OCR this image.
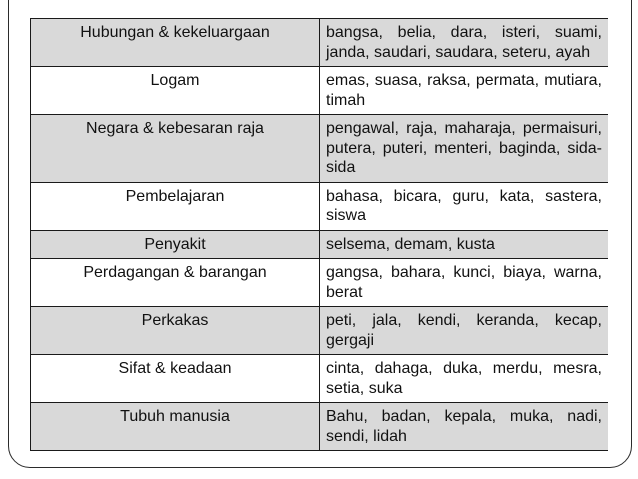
Hubungan & kekeluargaan	bangsa, belia, dara, isteri, suami, janda, saudari, saudara, seteru, ayah
Logam	emas, suasa, raksa, permata, mutiara, timah
Negara & kebesaran raja	pengawal, raja, maharaja, permaisuri, putera, puteri, menteri, baginda, sida-sida
Pembelajaran	bahasa, bicara, guru, kata, sastera, siswa
Penyakit	selsema, demam, kusta
Perdagangan & barangan	gangsa, bahara, kunci, biaya, warna, berat
Perkakas	peti, jala, kendi, keranda, kecap, gergaji
Sifat & keadaan	cinta, dahaga, duka, merdu, mesra, setia, suka
Tubuh manusia	Bahu, badan, kepala, muka, nadi, sendi, lidah
